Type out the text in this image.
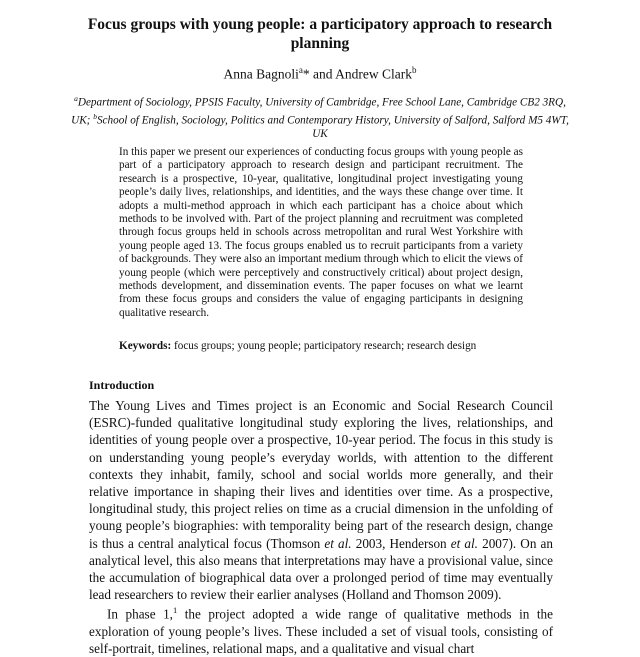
Focus groups with young people: a participatory approach to research planning
Anna Bagnoli$^a$* and Andrew Clark$^b$
$^a$Department of Sociology, PPSIS Faculty, University of Cambridge, Free School Lane, Cambridge CB2 3RQ, UK; $^b$School of English, Sociology, Politics and Contemporary History, University of Salford, Salford M5 4WT, UK

In this paper we present our experiences of conducting focus groups with young people as part of a participatory approach to research design and participant recruitment. The research is a prospective, 10-year, qualitative, longitudinal project investigating young people’s daily lives, relationships, and identities, and the ways these change over time. It adopts a multi-method approach in which each participant has a choice about which methods to be involved with. Part of the project planning and recruitment was completed through focus groups held in schools across metropolitan and rural West Yorkshire with young people aged 13. The focus groups enabled us to recruit participants from a variety of backgrounds. They were also an important medium through which to elicit the views of young people (which were perceptively and constructively critical) about project design, methods development, and dissemination events. The paper focuses on what we learnt from these focus groups and considers the value of engaging participants in designing qualitative research.

Keywords: focus groups; young people; participatory research; research design
Introduction

The Young Lives and Times project is an Economic and Social Research Council (ESRC)-funded qualitative longitudinal study exploring the lives, relationships, and identities of young people over a prospective, 10-year period. The focus in this study is on understanding young people’s everyday worlds, with attention to the different contexts they inhabit, family, school and social worlds more generally, and their relative importance in shaping their lives and identities over time. As a prospective, longitudinal study, this project relies on time as a crucial dimension in the unfolding of young people’s biographies: with temporality being part of the research design, change is thus a central analytical focus (Thomson et al. 2003, Henderson et al. 2007). On an analytical level, this also means that interpretations may have a provisional value, since the accumulation of biographical data over a prolonged period of time may eventually lead researchers to review their earlier analyses (Holland and Thomson 2009).

In phase 1,$^1$ the project adopted a wide range of qualitative methods in the exploration of young people’s lives. These included a set of visual tools, consisting of self-portrait, timelines, relational maps, and a qualitative and visual chart
